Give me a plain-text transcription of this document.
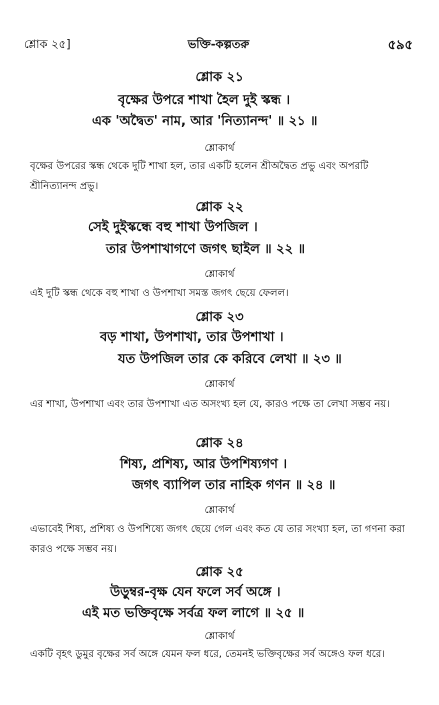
শ্লোক ২৫]	ভক্তি-কল্পতরু	৫৯৫
শ্লোক ২১
বৃক্ষের উপরে শাখা হৈল দুই স্কন্ধ ।
এক 'অদ্বৈত' নাম, আর 'নিত্যানন্দ' ॥ ২১ ॥
শ্লোকার্থ
বৃক্ষের উপরের স্কন্ধ থেকে দুটি শাখা হল, তার একটি হলেন শ্রীঅদ্বৈত প্রভু এবং অপরটি শ্রীনিত্যানন্দ প্রভু।
শ্লোক ২২
সেই দুইস্কন্ধে বহু শাখা উপজিল ।
তার উপশাখাগণে জগৎ ছাইল ॥ ২২ ॥
শ্লোকার্থ
এই দুটি স্কন্ধ থেকে বহু শাখা ও উপশাখা সমস্ত জগৎ ছেয়ে ফেলল।
শ্লোক ২৩
বড় শাখা, উপশাখা, তার উপশাখা ।
যত উপজিল তার কে করিবে লেখা ॥ ২৩ ॥
শ্লোকার্থ
এর শাখা, উপশাখা এবং তার উপশাখা এত অসংখ্য হল যে, কারও পক্ষে তা লেখা সম্ভব নয়।
শ্লোক ২৪
শিষ্য, প্রশিষ্য, আর উপশিষ্যগণ ।
জগৎ ব্যাপিল তার নাহিক গণন ॥ ২৪ ॥
শ্লোকার্থ
এভাবেই শিষ্য, প্রশিষ্য ও উপশিষ্যে জগৎ ছেয়ে গেল এবং কত যে তার সংখ্যা হল, তা গণনা করা কারও পক্ষে সম্ভব নয়।
শ্লোক ২৫
উড়ুম্বর-বৃক্ষ যেন ফলে সর্ব অঙ্গে ।
এই মত ভক্তিবৃক্ষে সর্বত্র ফল লাগে ॥ ২৫ ॥
শ্লোকার্থ
একটি বৃহৎ ডুমুর বৃক্ষের সর্ব অঙ্গে যেমন ফল ধরে, তেমনই ভক্তিবৃক্ষের সর্ব অঙ্গেও ফল ধরে।
